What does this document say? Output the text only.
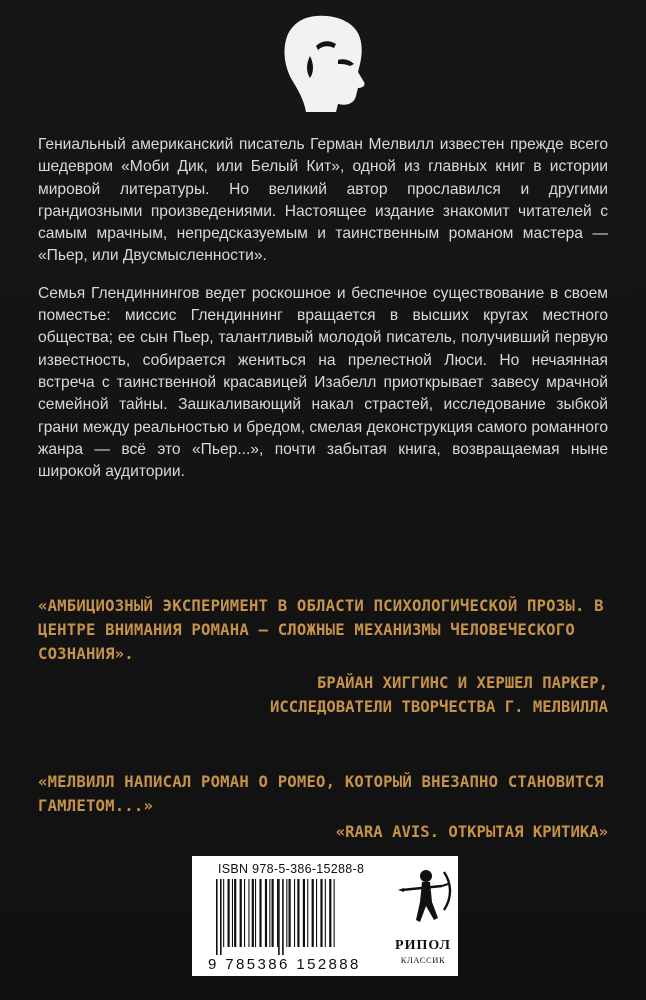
Гениальный американский писатель Герман Мелвилл известен прежде всего шедевром «Моби Дик, или Белый Кит», одной из главных книг в истории мировой литературы. Но великий автор прославился и другими грандиозными произведениями. Настоящее издание знакомит читателей с самым мрачным, непредсказуемым и таинственным романом мастера — «Пьер, или Двусмысленности».

Семья Глендиннингов ведет роскошное и беспечное существование в своем поместье: миссис Глендиннинг вращается в высших кругах местного общества; ее сын Пьер, талантливый молодой писатель, получивший первую известность, собирается жениться на прелестной Люси. Но нечаянная встреча с таинственной красавицей Изабелл приоткрывает завесу мрачной семейной тайны. Зашкаливающий накал страстей, исследование зыбкой грани между реальностью и бредом, смелая деконструкция самого романного жанра — всё это «Пьер...», почти забытая книга, возвращаемая ныне широкой аудитории.

«АМБИЦИОЗНЫЙ ЭКСПЕРИМЕНТ В ОБЛАСТИ ПСИХОЛОГИЧЕСКОЙ ПРОЗЫ. В ЦЕНТРЕ ВНИМАНИЯ РОМАНА — СЛОЖНЫЕ МЕХАНИЗМЫ ЧЕЛОВЕЧЕСКОГО СОЗНАНИЯ».
БРАЙАН ХИГГИНС И ХЕРШЕЛ ПАРКЕР,
ИССЛЕДОВАТЕЛИ ТВОРЧЕСТВА Г. МЕЛВИЛЛА
«МЕЛВИЛЛ НАПИСАЛ РОМАН О РОМЕО, КОТОРЫЙ ВНЕЗАПНО СТАНОВИТСЯ ГАМЛЕТОМ...»
«RARA AVIS. ОТКРЫТАЯ КРИТИКА»
ISBN 978-5-386-15288-8
9 785386 152888
РИПОЛ
КЛАССИК
